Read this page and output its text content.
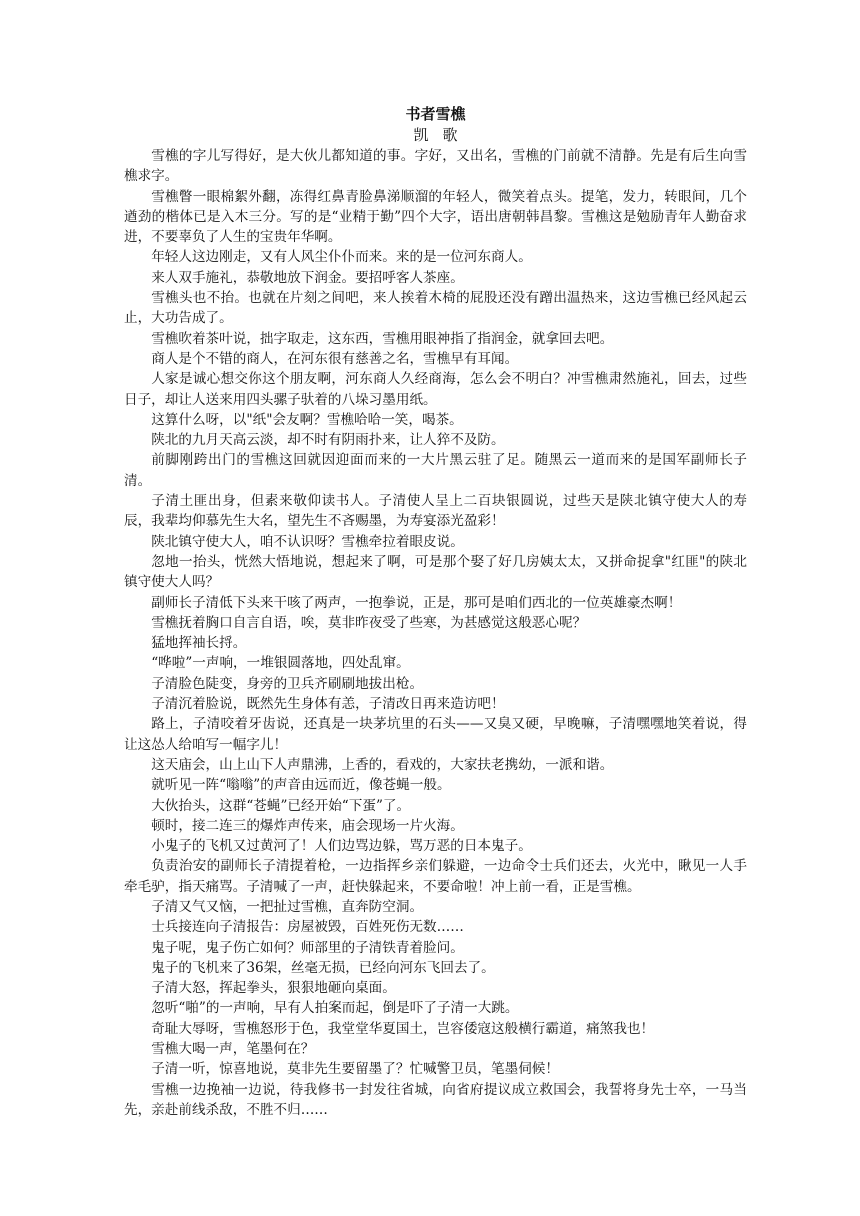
书者雪樵
凯歌

雪樵的字儿写得好，是大伙儿都知道的事。字好，又出名，雪樵的门前就不清静。先是有后生向雪樵求字。

雪樵瞥一眼棉絮外翻，冻得红鼻青脸鼻涕顺溜的年轻人，微笑着点头。提笔，发力，转眼间，几个遒劲的楷体已是入木三分。写的是“业精于勤”四个大字，语出唐朝韩昌黎。雪樵这是勉励青年人勤奋求进，不要辜负了人生的宝贵年华啊。

年轻人这边刚走，又有人风尘仆仆而来。来的是一位河东商人。

来人双手施礼，恭敬地放下润金。要招呼客人茶座。

雪樵头也不抬。也就在片刻之间吧，来人挨着木椅的屁股还没有蹭出温热来，这边雪樵已经风起云止，大功告成了。

雪樵吹着茶叶说，拙字取走，这东西，雪樵用眼神指了指润金，就拿回去吧。

商人是个不错的商人，在河东很有慈善之名，雪樵早有耳闻。

人家是诚心想交你这个朋友啊，河东商人久经商海，怎么会不明白？冲雪樵肃然施礼，回去，过些日子，却让人送来用四头骡子驮着的八垛习墨用纸。

这算什么呀，以"纸"会友啊？雪樵哈哈一笑，喝茶。

陕北的九月天高云淡，却不时有阴雨扑来，让人猝不及防。

前脚刚跨出门的雪樵这回就因迎面而来的一大片黑云驻了足。随黑云一道而来的是国军副师长子清。

子清土匪出身，但素来敬仰读书人。子清使人呈上二百块银圆说，过些天是陕北镇守使大人的寿辰，我辈均仰慕先生大名，望先生不吝赐墨，为寿宴添光盈彩！

陕北镇守使大人，咱不认识呀？雪樵牵拉着眼皮说。

忽地一抬头，恍然大悟地说，想起来了啊，可是那个娶了好几房姨太太，又拼命捉拿"红匪"的陕北镇守使大人吗？

副师长子清低下头来干咳了两声，一抱拳说，正是，那可是咱们西北的一位英雄豪杰啊！

雪樵抚着胸口自言自语，唉，莫非昨夜受了些寒，为甚感觉这般恶心呢？

猛地挥袖长捋。

“哗啦”一声响，一堆银圆落地，四处乱窜。

子清脸色陡变，身旁的卫兵齐刷刷地拔出枪。

子清沉着脸说，既然先生身体有恙，子清改日再来造访吧！

路上，子清咬着牙齿说，还真是一块茅坑里的石头——又臭又硬，早晚嘛，子清嘿嘿地笑着说，得让这怂人给咱写一幅字儿！

这天庙会，山上山下人声鼎沸，上香的，看戏的，大家扶老携幼，一派和谐。

就听见一阵“嗡嗡”的声音由远而近，像苍蝇一般。

大伙抬头，这群“苍蝇”已经开始“下蛋”了。

顿时，接二连三的爆炸声传来，庙会现场一片火海。

小鬼子的飞机又过黄河了！人们边骂边躲，骂万恶的日本鬼子。

负责治安的副师长子清提着枪，一边指挥乡亲们躲避，一边命令士兵们还去，火光中，瞅见一人手牵毛驴，指天痛骂。子清喊了一声，赶快躲起来，不要命啦！冲上前一看，正是雪樵。

子清又气又恼，一把扯过雪樵，直奔防空洞。

士兵接连向子清报告：房屋被毁，百姓死伤无数……

鬼子呢，鬼子伤亡如何？师部里的子清铁青着脸问。

鬼子的飞机来了36架，丝毫无损，已经向河东飞回去了。

子清大怒，挥起拳头，狠狠地砸向桌面。

忽听“啪”的一声响，早有人拍案而起，倒是吓了子清一大跳。

奇耻大辱呀，雪樵怒形于色，我堂堂华夏国土，岂容倭寇这般横行霸道，痛煞我也！

雪樵大喝一声，笔墨何在？

子清一听，惊喜地说，莫非先生要留墨了？忙喊警卫员，笔墨伺候！

雪樵一边挽袖一边说，待我修书一封发往省城，向省府提议成立救国会，我誓将身先士卒，一马当先，亲赴前线杀敌，不胜不归……
